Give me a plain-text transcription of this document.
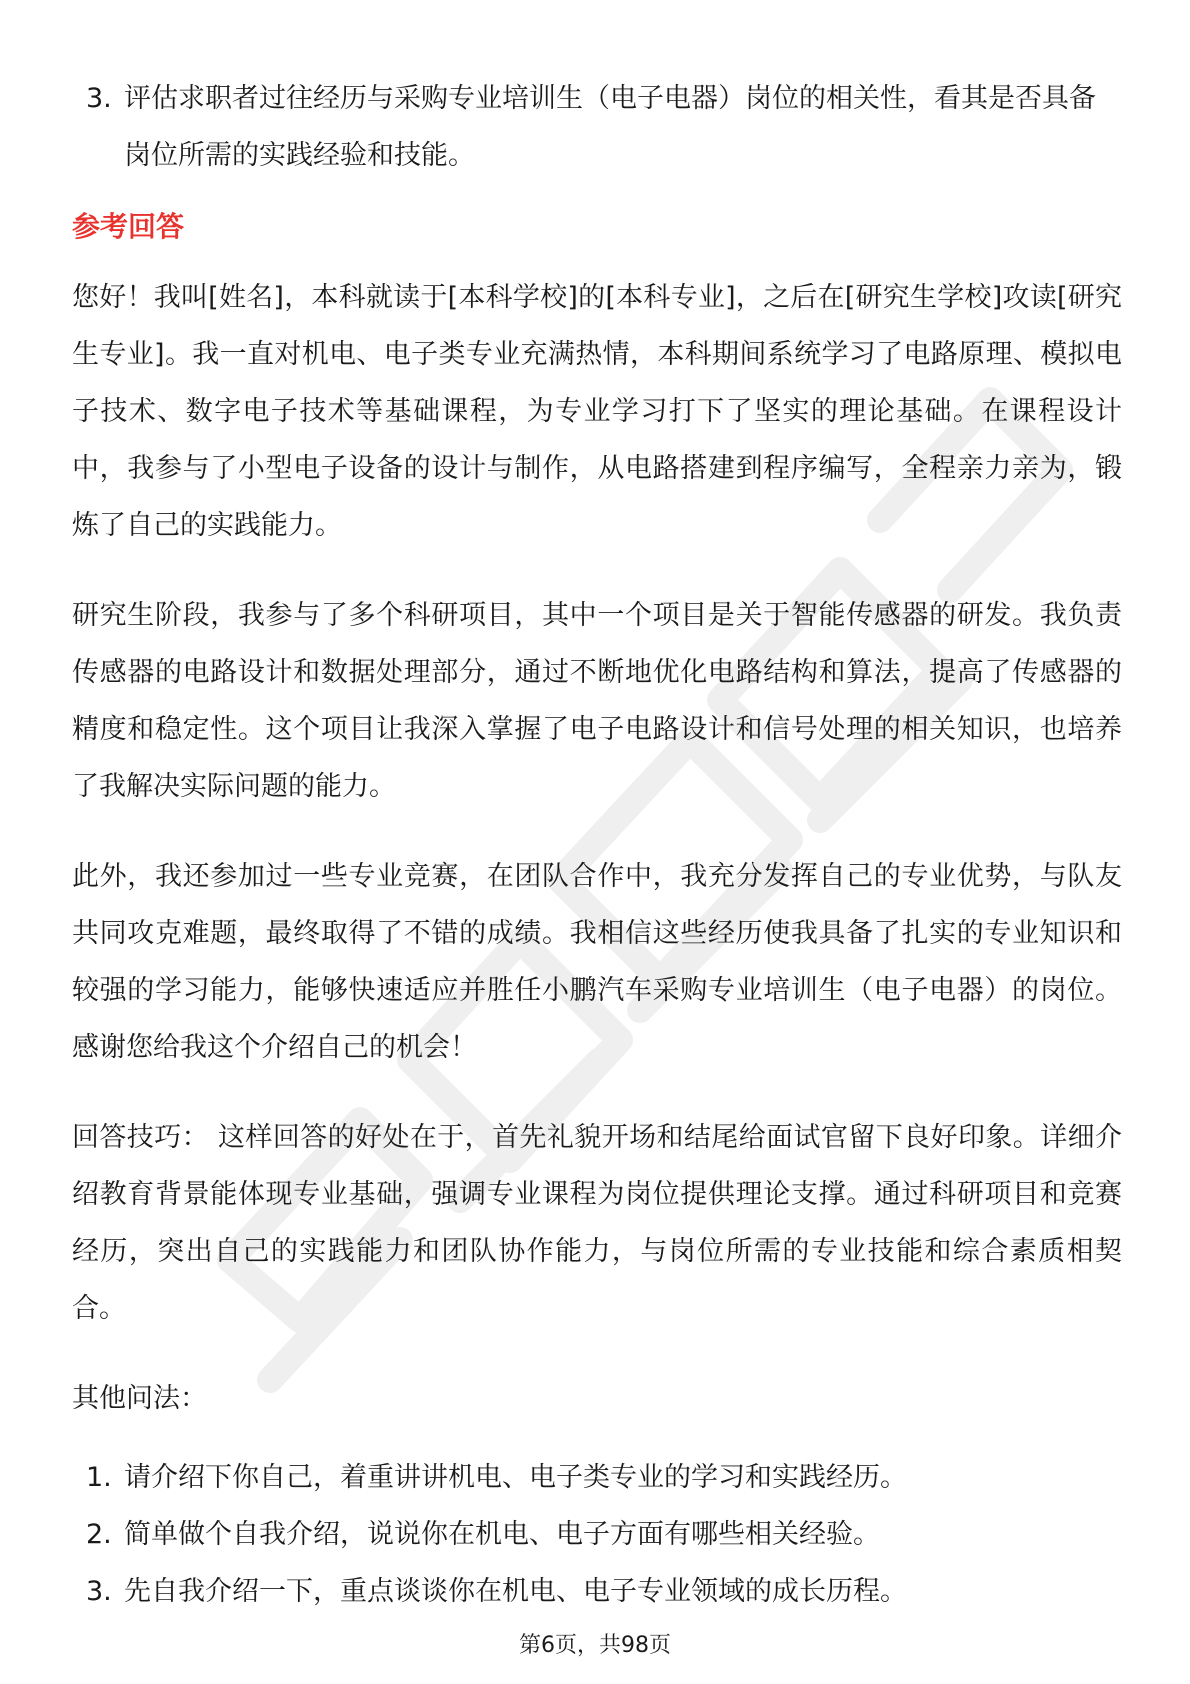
3. 评估求职者过往经历与采购专业培训生（电子电器）岗位的相关性，看其是否具备岗位所需的实践经验和技能。
参考回答

您好！我叫[姓名]，本科就读于[本科学校]的[本科专业]，之后在[研究生学校]攻读[研究生专业]。我一直对机电、电子类专业充满热情，本科期间系统学习了电路原理、模拟电子技术、数字电子技术等基础课程，为专业学习打下了坚实的理论基础。在课程设计中，我参与了小型电子设备的设计与制作，从电路搭建到程序编写，全程亲力亲为，锻炼了自己的实践能力。

研究生阶段，我参与了多个科研项目，其中一个项目是关于智能传感器的研发。我负责传感器的电路设计和数据处理部分，通过不断地优化电路结构和算法，提高了传感器的精度和稳定性。这个项目让我深入掌握了电子电路设计和信号处理的相关知识，也培养了我解决实际问题的能力。

此外，我还参加过一些专业竞赛，在团队合作中，我充分发挥自己的专业优势，与队友共同攻克难题，最终取得了不错的成绩。我相信这些经历使我具备了扎实的专业知识和较强的学习能力，能够快速适应并胜任小鹏汽车采购专业培训生（电子电器）的岗位。感谢您给我这个介绍自己的机会！

回答技巧： 这样回答的好处在于，首先礼貌开场和结尾给面试官留下良好印象。详细介绍教育背景能体现专业基础，强调专业课程为岗位提供理论支撑。通过科研项目和竞赛经历，突出自己的实践能力和团队协作能力，与岗位所需的专业技能和综合素质相契合。

其他问法：

1. 请介绍下你自己，着重讲讲机电、电子类专业的学习和实践经历。
2. 简单做个自我介绍，说说你在机电、电子方面有哪些相关经验。
3. 先自我介绍一下，重点谈谈你在机电、电子专业领域的成长历程。
第6页，共98页
